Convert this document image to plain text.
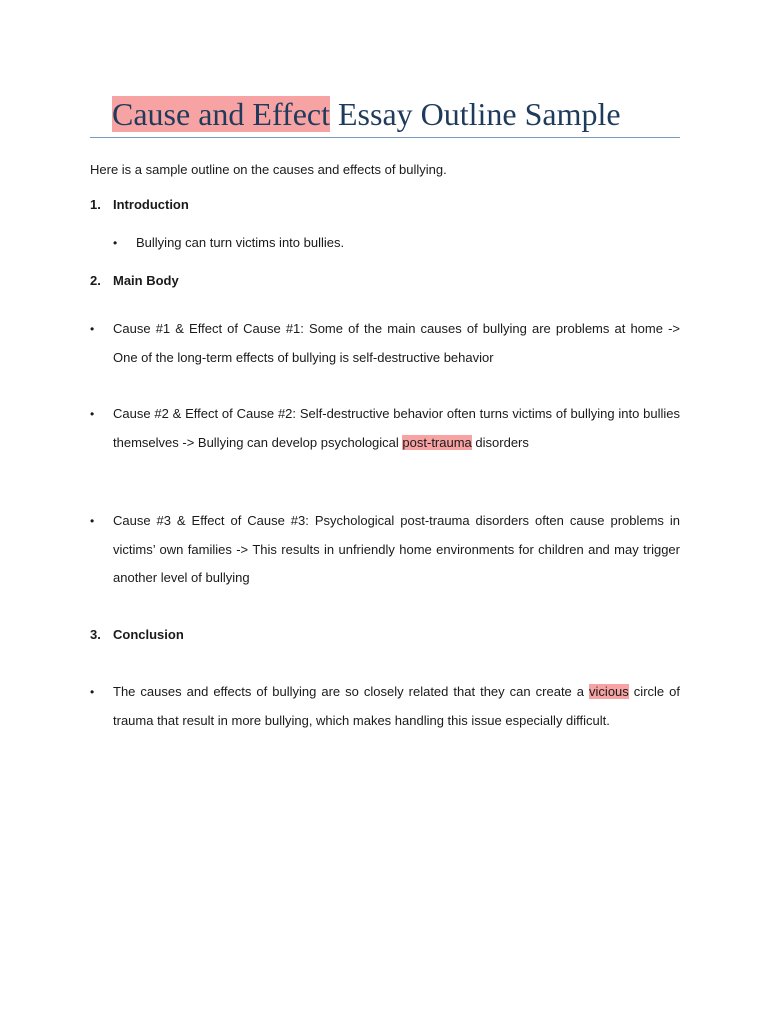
Cause and Effect Essay Outline Sample
Here is a sample outline on the causes and effects of bullying.
1. Introduction
• Bullying can turn victims into bullies.
2. Main Body
• Cause #1 & Effect of Cause #1: Some of the main causes of bullying are problems at home -> One of the long-term effects of bullying is self-destructive behavior
• Cause #2 & Effect of Cause #2: Self-destructive behavior often turns victims of bullying into bullies themselves -> Bullying can develop psychological post-trauma disorders
• Cause #3 & Effect of Cause #3: Psychological post-trauma disorders often cause problems in victims’ own families -> This results in unfriendly home environments for children and may trigger another level of bullying
3. Conclusion
• The causes and effects of bullying are so closely related that they can create a vicious circle of trauma that result in more bullying, which makes handling this issue especially difficult.
